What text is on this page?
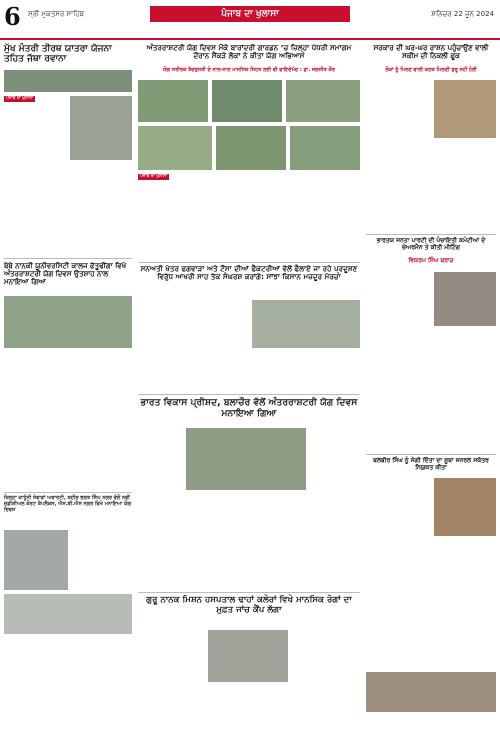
6 ਸ੍ਰੀ ਮੁਕਤਸਰ ਸਾਹਿਬ	ਪੰਜਾਬ ਦਾ ਖੁਲਾਸਾ	ਸ਼ਨਿਚਰ 22 ਜੂਨ 2024
ਮੁੱਖ ਮੰਤਰੀ ਤੀਰਥ ਯਾਤਰਾ ਯੋਜਨਾ ਤਹਿਤ ਜੱਥਾ ਰਵਾਨਾ
ਪੰਜਾਬ ਦਾ ਖੁਲਾਸਾ
ਬੇਬੇ ਨਾਨਕੀ ਯੂਨੀਵਰਸਿਟੀ ਕਾਲਜ ਫੱਤੂਢੀਂਗਾ ਵਿਖੇ ਅੰਤਰਰਾਸ਼ਟਰੀ ਯੋਗ ਦਿਵਸ ਉਤਸ਼ਾਹ ਨਾਲ ਮਨਾਇਆ ਗਿਆ
ਜ਼ਿਲ੍ਹਾ ਕਾਨੂੰਨੀ ਸੇਵਾਵਾਂ ਅਥਾਰਟੀ, ਸ਼ਹੀਦ ਭਗਤ ਸਿੰਘ ਨਗਰ ਵੱਲੋਂ ਨਵੀਂ ਜੁਡੀਸ਼ੀਅਲ ਕੋਰਟ ਕੰਪਲੈਕਸ, ਐਸ.ਬੀ.ਐਸ ਨਗਰ ਵਿਖੇ ਮਨਾਇਆ ਯੋਗ ਦਿਵਸ
ਅੰਤਰਰਾਸ਼ਟਰੀ ਯੋਗ ਦਿਵਸ ਮੌਕੇ ਬਾਰਾਂਦਰੀ ਗਾਰਡਨ ’ਚ ਜ਼ਿਲ੍ਹਾ ਪੱਧਰੀ ਸਮਾਗਮ ਦੌਰਾਨ ਸੈਂਕੜੇ ਲੋਕਾਂ ਨੇ ਕੀਤਾ ਯੋਗ ਅਭਿਆਸ
ਯੋਗ ਸਰੀਰਕ ਤੰਦਰੁਸਤੀ ਦੇ ਨਾਲ-ਨਾਲ ਮਾਨਸਿਕ ਸਿਹਤ ਲਈ ਵੀ ਫਾਇਦੇਮੰਦ : ਡਾ. ਜਗਜੀਤ ਕੌਰ
ਪੰਜਾਬ ਦਾ ਖੁਲਾਸਾ
ਸਨਅਤੀ ਖੇਤਰ ਫਗਵਾੜਾ ਅਤੇ ਟੌਂਸਾ ਦੀਆਂ ਫੈਕਟਰੀਆਂ ਵੱਲੋਂ ਫੈਲਾਏ ਜਾ ਰਹੇ ਪ੍ਰਦੂਸ਼ਣ ਵਿਰੁੱਧ ਆਖਰੀ ਸਾਹ ਤੱਕ ਸੰਘਰਸ਼ ਕਰਾਂਗੇ: ਸਾਂਝਾ ਕਿਸਾਨ ਮਜ਼ਦੂਰ ਮੋਰਚਾ
ਭਾਰਤ ਵਿਕਾਸ ਪ੍ਰੀਸ਼ਦ, ਬਲਾਚੌਰ ਵੱਲੋਂ ਅੰਤਰਰਾਸ਼ਟਰੀ ਯੋਗ ਦਿਵਸ ਮਨਾਇਆ ਗਿਆ
ਗੁਰੂ ਨਾਨਕ ਮਿਸ਼ਨ ਹਸਪਤਾਲ ਢਾਹਾਂ ਕਲੇਰਾਂ ਵਿਖੇ ਮਾਨਸਿਕ ਰੋਗਾਂ ਦਾ ਮੁਫ਼ਤ ਜਾਂਚ ਕੈਂਪ ਲੱਗਾ
ਸਰਕਾਰ ਦੀ ਘਰ-ਘਰ ਰਾਸ਼ਨ ਪਹੁੰਚਾਉਣ ਵਾਲੀ ਸਕੀਮ ਦੀ ਨਿਕਲੀ ਫੂਕ
ਲੋਕਾਂ ਨੂੰ ਮਿਲਣ ਵਾਲੀ ਕਣਕ ਮਿਲਣੀ ਸ਼ੁਰੂ ਨਹੀਂ ਹੋਈ
ਭਾਰਤਯ ਜਨਤਾ ਪਾਰਟੀ ਦੀ ਪੰਚਾਇਤੀ ਕਮੇਟੀਆਂ ਦੇ ਚੇਅਰਮੈਨ ਤੇ ਕੀਤੀ ਮੀਟਿੰਗ
ਵਿਕਰਮ ਸਿੰਘ ਬਰਾੜ
ਬਲਬੀਰ ਸਿੰਘ ਨੂੰ ਸੋਗੀ ਦਿੱਤਾ ਦਾ ਸੂਬਾ ਜਨਰਲ ਸਕੱਤਰ ਨਿਯੁਕਤ ਕੀਤਾ
